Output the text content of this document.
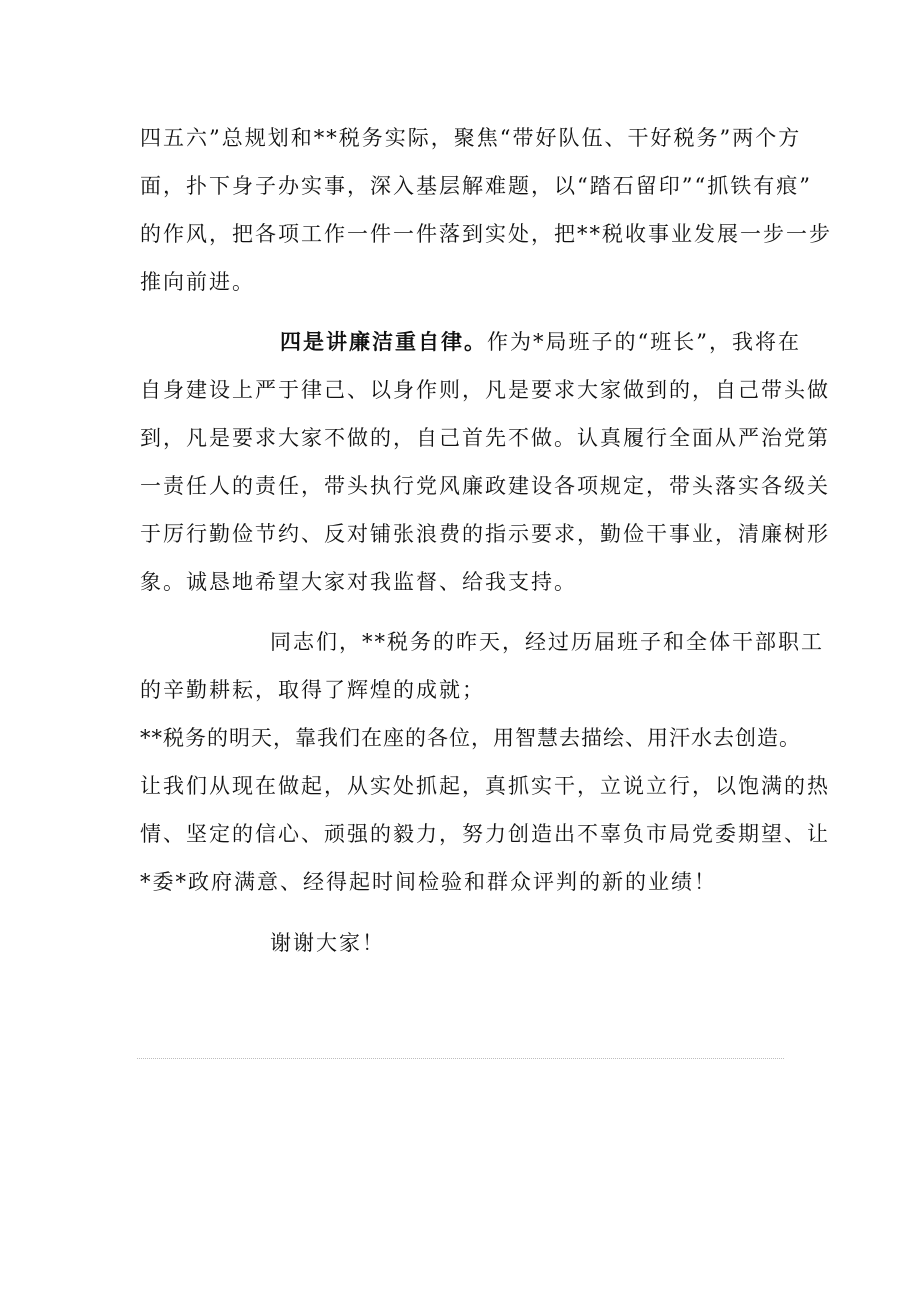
四五六”总规划和**税务实际，聚焦“带好队伍、干好税务”两个方
面，扑下身子办实事，深入基层解难题，以“踏石留印”“抓铁有痕”
的作风，把各项工作一件一件落到实处，把**税收事业发展一步一步
推向前进。
四是讲廉洁重自律。作为*局班子的“班长”，我将在
自身建设上严于律己、以身作则，凡是要求大家做到的，自己带头做
到，凡是要求大家不做的，自己首先不做。认真履行全面从严治党第
一责任人的责任，带头执行党风廉政建设各项规定，带头落实各级关
于厉行勤俭节约、反对铺张浪费的指示要求，勤俭干事业，清廉树形
象。诚恳地希望大家对我监督、给我支持。
同志们，**税务的昨天，经过历届班子和全体干部职工
的辛勤耕耘，取得了辉煌的成就；
**税务的明天，靠我们在座的各位，用智慧去描绘、用汗水去创造。
让我们从现在做起，从实处抓起，真抓实干，立说立行，以饱满的热
情、坚定的信心、顽强的毅力，努力创造出不辜负市局党委期望、让
*委*政府满意、经得起时间检验和群众评判的新的业绩！
谢谢大家！
